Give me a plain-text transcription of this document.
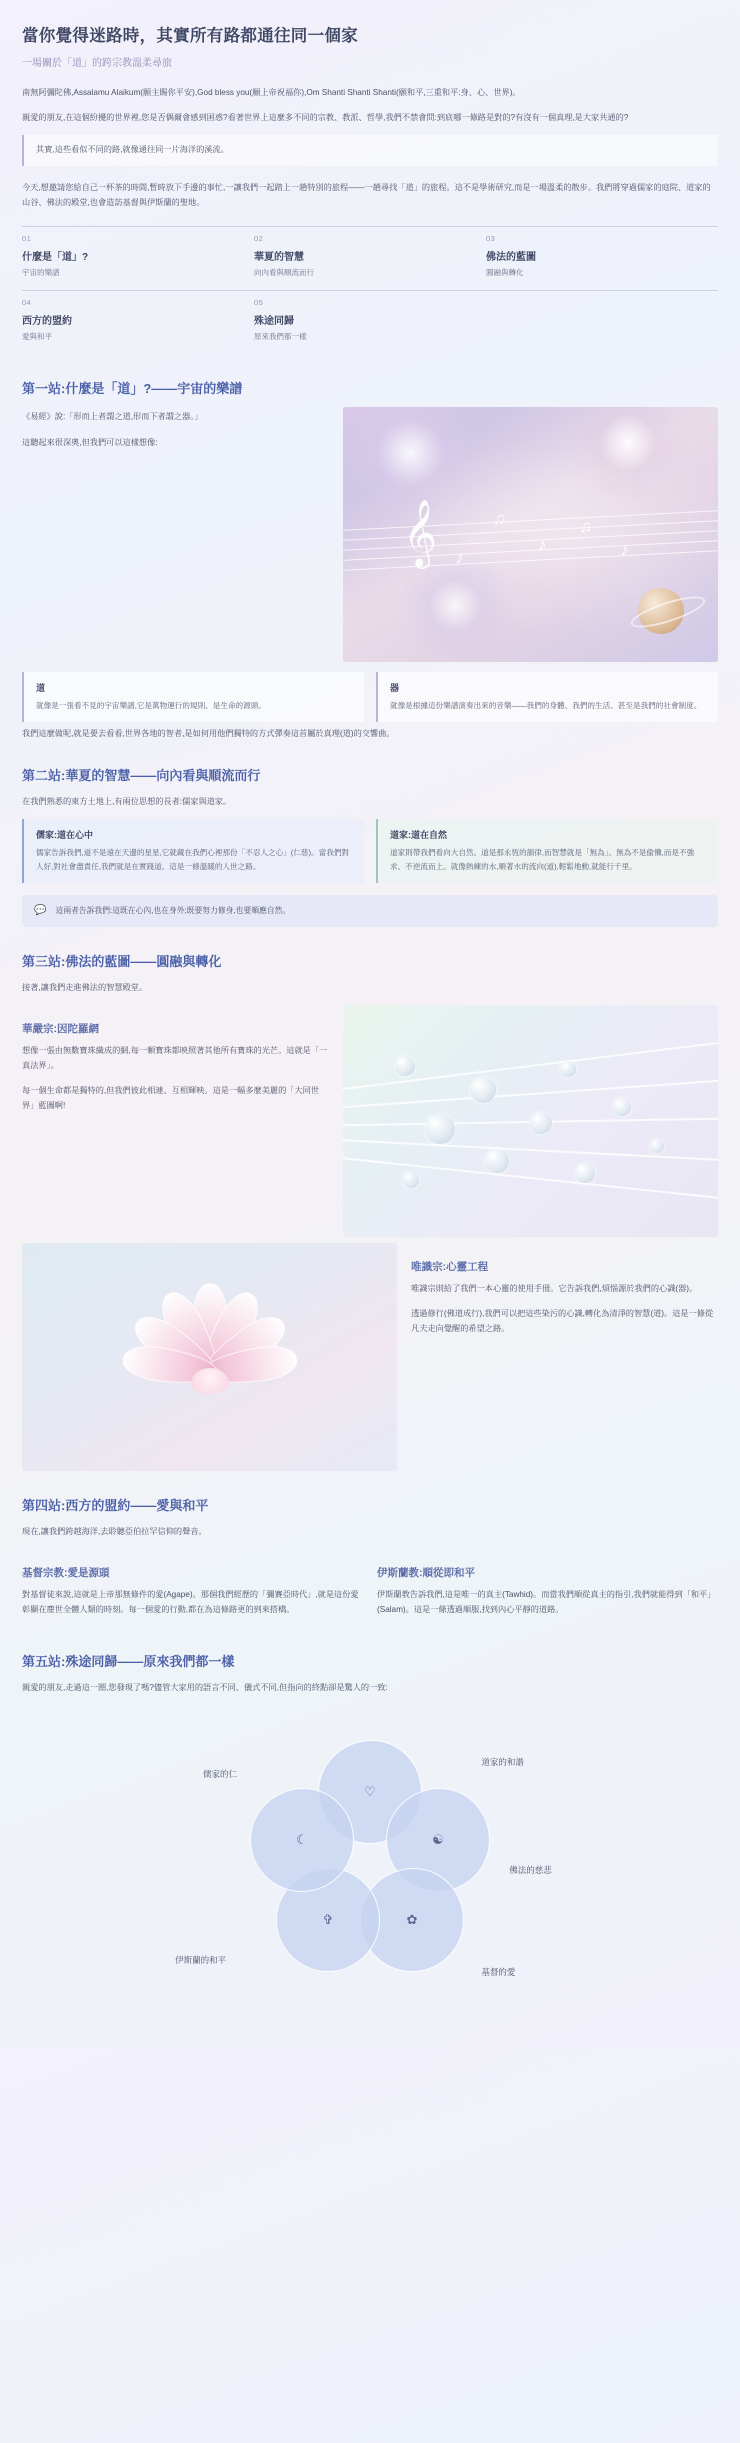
當你覺得迷路時，其實所有路都通往同一個家
一場關於「道」的跨宗教溫柔尋旅

南無阿彌陀佛,Assalamu Alaikum(願主賜你平安),God bless you(願上帝祝福你),Om Shanti Shanti Shanti(願和平,三重和平:身、心、世界)。

親愛的朋友,在這個紛擾的世界裡,您是否偶爾會感到困惑?看著世界上這麼多不同的宗教、教派、哲學,我們不禁會問:到底哪一條路是對的?有沒有一個真理,是大家共通的?

其實,這些看似不同的路,就像通往同一片海洋的溪流。

今天,想邀請您給自己一杯茶的時間,暫時放下手邊的事忙,一讓我們一起踏上一趟特別的旅程——一趟尋找「道」的旅程。這不是學術研究,而是一場溫柔的散步。我們將穿過儒家的庭院、道家的山谷、佛法的殿堂,也會造訪基督與伊斯蘭的聖地。

01
什麼是「道」?
宇宙的樂譜
02
華夏的智慧
向內看與順流而行
03
佛法的藍圖
圓融與轉化
04
西方的盟約
愛與和平
05
殊途同歸
原來我們都一樣
第一站:什麼是「道」?——宇宙的樂譜

《易經》說:「形而上者謂之道,形而下者謂之器。」

這聽起來很深奧,但我們可以這樣想像:

𝄞	♫
♪
♫
♪
♪
道
就像是一張看不見的宇宙樂譜,它是萬物運行的規則、是生命的源頭。
器
就像是根據這份樂譜演奏出來的音樂——我們的身體、我們的生活、甚至是我們的社會制度。

我們這麼做呢,就是要去看看,世界各地的智者,是如何用他們獨特的方式彈奏這首屬於真理(道)的交響曲。

第二站:華夏的智慧——向內看與順流而行

在我們熟悉的東方土地上,有兩位思想的長者:儒家與道家。

儒家:道在心中
儒家告訴我們,道不是遠在天邊的星星,它就藏在我們心裡那份「不忍人之心」(仁慈)。當我們對人好,對社會盡責任,我們就是在實踐道。這是一條溫暖的人世之路。
道家:道在自然
道家則帶我們看向大自然。道是那永恆的韻律,而智慧就是「無為」。無為不是偷懶,而是不強求、不逆流而上。就像熱練的水,順著水的流向(道),輕鬆地動,就能行千里。
💬 這兩者告訴我們:這既在心內,也在身外;既要努力修身,也要順應自然。
第三站:佛法的藍圖——圓融與轉化

接著,讓我們走進佛法的智慧殿堂。

華嚴宗:因陀羅網

想像一張由無數寶珠織成的網,每一顆寶珠都映照著其他所有寶珠的光芒。這就是「一真法界」。

每一個生命都是獨特的,但我們彼此相連、互相輝映。這是一幅多麼美麗的「大同世界」藍圖啊!

唯識宗:心靈工程

唯識宗則給了我們一本心靈的使用手冊。它告訴我們,煩惱源於我們的心識(器)。

透過修行(佛道成行),我們可以把這些染污的心識,轉化為清淨的智慧(道)。這是一條從凡夫走向覺醒的希望之路。

第四站:西方的盟約——愛與和平

現在,讓我們跨越海洋,去聆聽亞伯拉罕信仰的聲音。

基督宗教:愛是源頭

對基督徒來說,這就是上帝那無條件的愛(Agape)。那個我們經歷的「彌賽亞時代」,就是這份愛彰顯在塵世全體人類的時刻。每一個愛的行動,都在為這條路更的到來搭橋。

伊斯蘭教:順從即和平

伊斯蘭教告訴我們,這是唯一的真主(Tawhid)。而當我們順從真主的指引,我們就能得到「和平」(Salam)。這是一條透過順服,找到內心平靜的道路。

第五站:殊途同歸——原來我們都一樣

親愛的朋友,走過這一圈,您發現了嗎?儘管大家用的語言不同、儀式不同,但指向的終點卻是驚人的一致:

♡
☯
✿
✞
☾
儒家的仁
道家的和諧
佛法的慈悲
基督的愛
伊斯蘭的和平
